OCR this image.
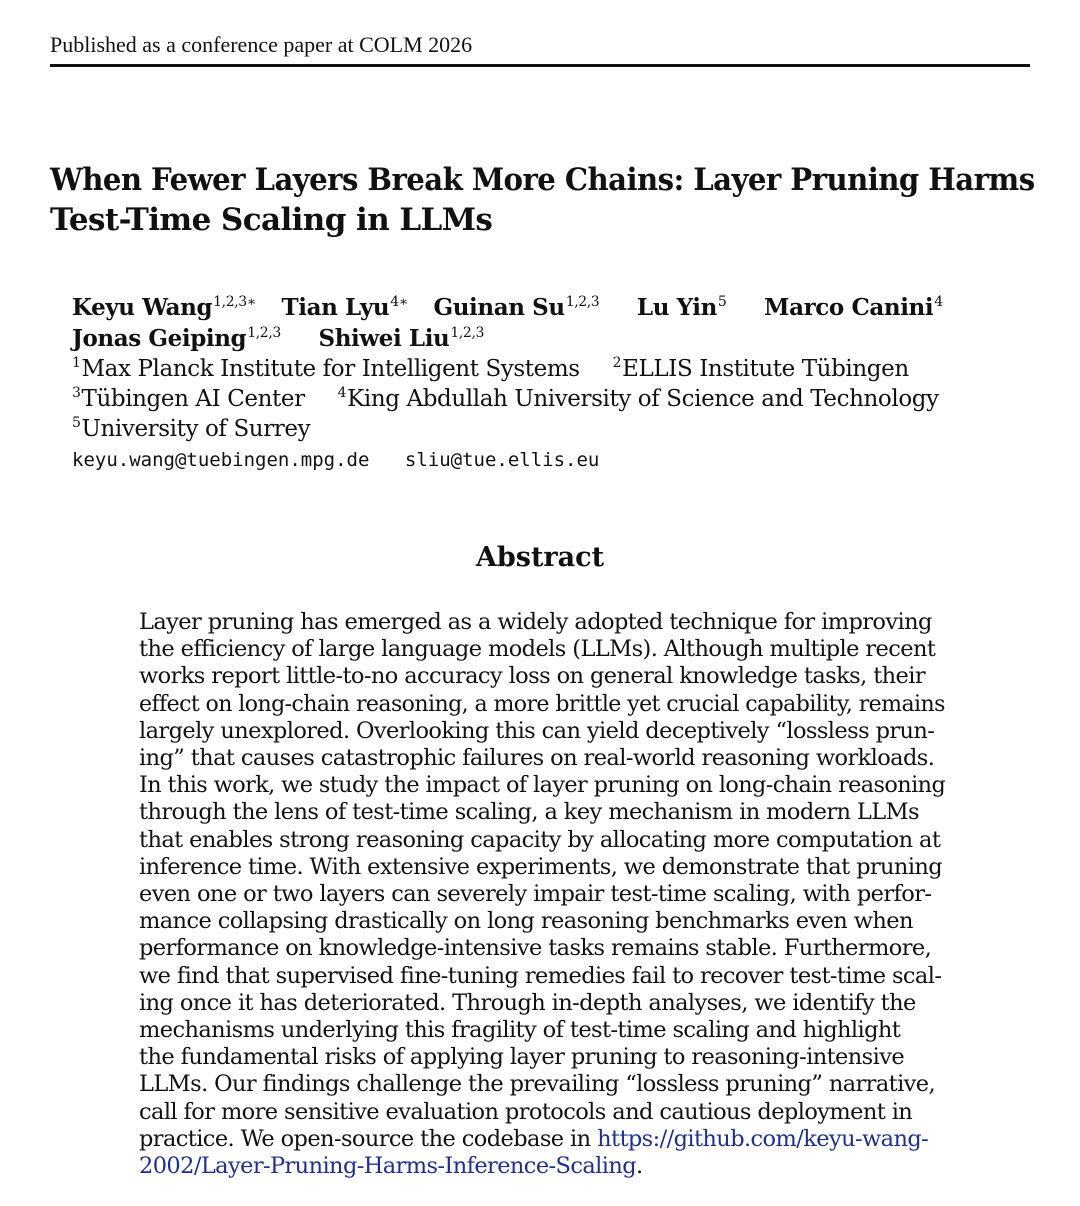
Published as a conference paper at COLM 2026
When Fewer Layers Break More Chains: Layer Pruning Harms
Test-Time Scaling in LLMs
Keyu Wang$^{1,2,3∗}$ Tian Lyu$^{4∗}$ Guinan Su$^{1,2,3}$ Lu Yin$^5$ Marco Canini$^4$
Jonas Geiping$^{1,2,3}$ Shiwei Liu$^{1,2,3}$
$^1$Max Planck Institute for Intelligent Systems $^2$ELLIS Institute Tübingen
$^3$Tübingen AI Center $^4$King Abdullah University of Science and Technology
$^5$University of Surrey
keyu.wang@tuebingen.mpg.de sliu@tue.ellis.eu
Abstract
Layer pruning has emerged as a widely adopted technique for improving
the efficiency of large language models (LLMs). Although multiple recent
works report little-to-no accuracy loss on general knowledge tasks, their
effect on long-chain reasoning, a more brittle yet crucial capability, remains
largely unexplored. Overlooking this can yield deceptively “lossless prun-
ing” that causes catastrophic failures on real-world reasoning workloads.
In this work, we study the impact of layer pruning on long-chain reasoning
through the lens of test-time scaling, a key mechanism in modern LLMs
that enables strong reasoning capacity by allocating more computation at
inference time. With extensive experiments, we demonstrate that pruning
even one or two layers can severely impair test-time scaling, with perfor-
mance collapsing drastically on long reasoning benchmarks even when
performance on knowledge-intensive tasks remains stable. Furthermore,
we find that supervised fine-tuning remedies fail to recover test-time scal-
ing once it has deteriorated. Through in-depth analyses, we identify the
mechanisms underlying this fragility of test-time scaling and highlight
the fundamental risks of applying layer pruning to reasoning-intensive
LLMs. Our findings challenge the prevailing “lossless pruning” narrative,
call for more sensitive evaluation protocols and cautious deployment in
practice. We open-source the codebase in https://github.com/keyu-wang-
2002/Layer-Pruning-Harms-Inference-Scaling.
